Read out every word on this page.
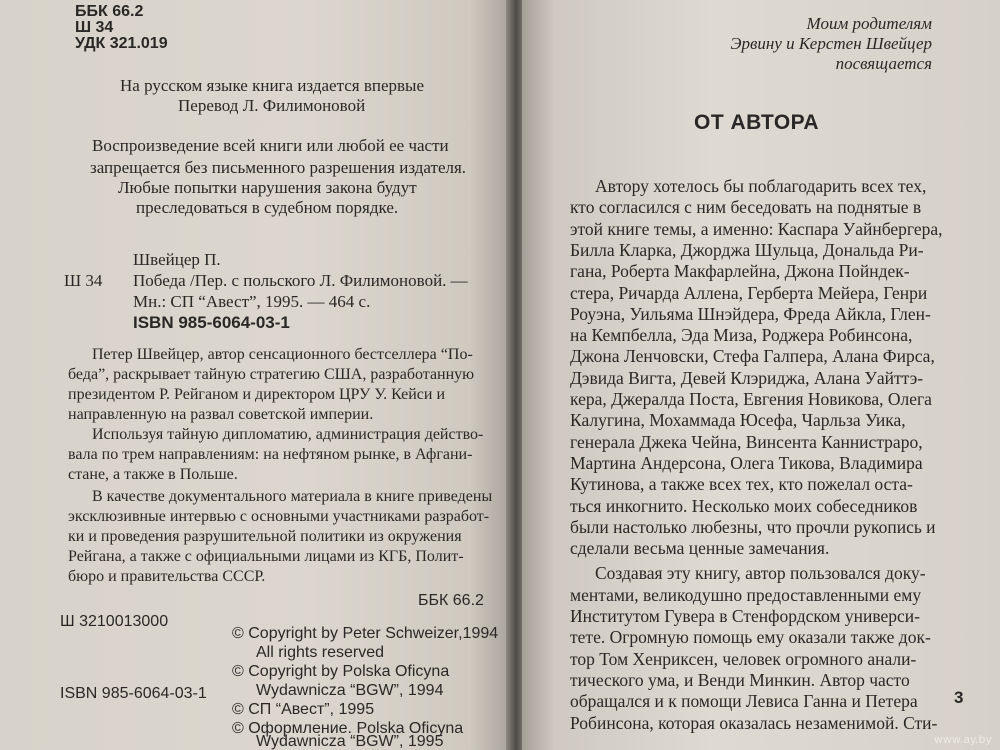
ББК 66.2
Ш 34
УДК 321.019
На русском языке книга издается впервые
Перевод Л. Филимоновой
Воспроизведение всей книги или любой ее части
запрещается без письменного разрешения издателя.
Любые попытки нарушения закона будут
преследоваться в судебном порядке.
Швейцер П.
Ш 34 Победа /Пер. с польского Л. Филимоновой. —
Мн.: СП “Авест”, 1995. — 464 с.
ISBN 985-6064-03-1
Петер Швейцер, автор сенсационного бестселлера “По-
беда”, раскрывает тайную стратегию США, разработанную
президентом Р. Рейганом и директором ЦРУ У. Кейси и
направленную на развал советской империи.
Используя тайную дипломатию, администрация действо-
вала по трем направлениям: на нефтяном рынке, в Афгани-
стане, а также в Польше.
В качестве документального материала в книге приведены
эксклюзивные интервью с основными участниками разработ-
ки и проведения разрушительной политики из окружения
Рейгана, а также с официальными лицами из КГБ, Полит-
бюро и правительства СССР.
ББК 66.2
Ш 3210013000
ISBN 985-6064-03-1
© Copyright by Peter Schweizer,1994
All rights reserved
© Copyright by Polska Oficyna
Wydawnicza “BGW”, 1994
© СП “Авест”, 1995
© Оформление. Polska Oficyna
Wydawnicza “BGW”, 1995
Моим родителям
Эрвину и Керстен Швейцер
посвящается
ОТ АВТОРА
Автору хотелось бы поблагодарить всех тех,
кто согласился с ним беседовать на поднятые в
этой книге темы, а именно: Каспара Уайнбергера,
Билла Кларка, Джорджа Шульца, Дональда Ри-
гана, Роберта Макфарлейна, Джона Пойндек-
стера, Ричарда Аллена, Герберта Мейера, Генри
Роуэна, Уильяма Шнэйдера, Фреда Айкла, Глен-
на Кемпбелла, Эда Миза, Роджера Робинсона,
Джона Ленчовски, Стефа Галпера, Алана Фирса,
Дэвида Вигта, Девей Клэриджа, Алана Уайттэ-
кера, Джералда Поста, Евгения Новикова, Олега
Калугина, Мохаммада Юсефа, Чарльза Уика,
генерала Джека Чейна, Винсента Каннистраро,
Мартина Андерсона, Олега Тикова, Владимира
Кутинова, а также всех тех, кто пожелал оста-
ться инкогнито. Несколько моих собеседников
были настолько любезны, что прочли рукопись и
сделали весьма ценные замечания.
Создавая эту книгу, автор пользовался доку-
ментами, великодушно предоставленными ему
Институтом Гувера в Стенфордском универси-
тете. Огромную помощь ему оказали также док-
тор Том Хенриксен, человек огромного анали-
тического ума, и Венди Минкин. Автор часто
обращался и к помощи Левиса Ганна и Петера
Робинсона, которая оказалась незаменимой. Сти-
3
www.ay.by
